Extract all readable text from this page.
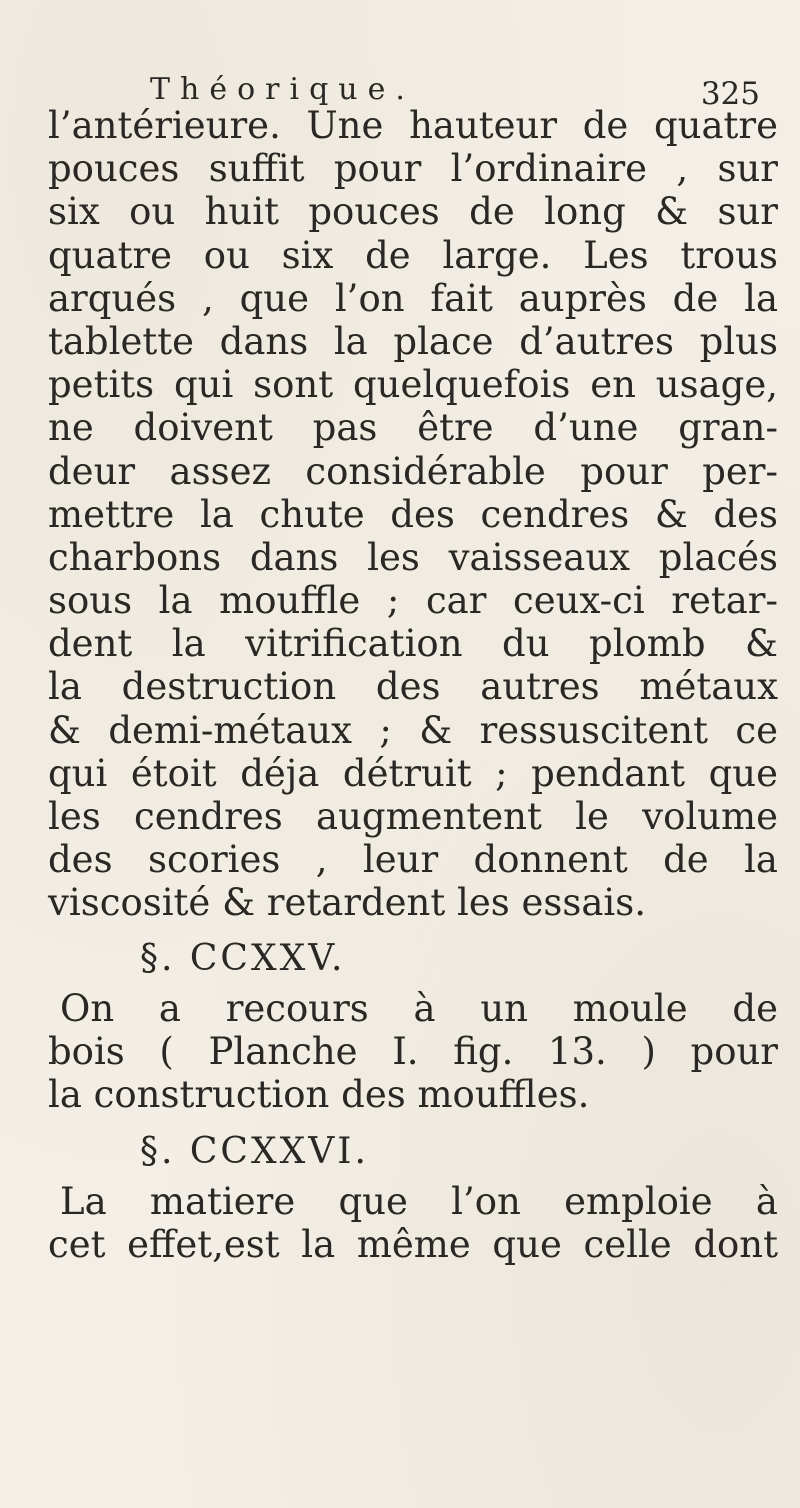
Théorique.	325
l’antérieure. Une hauteur de quatre
pouces suffit pour l’ordinaire , sur
six ou huit pouces de long & sur
quatre ou six de large. Les trous
arqués , que l’on fait auprès de la
tablette dans la place d’autres plus
petits qui sont quelquefois en usage,
ne doivent pas être d’une gran-
deur assez considérable pour per-
mettre la chute des cendres & des
charbons dans les vaisseaux placés
sous la mouffle ; car ceux-ci retar-
dent la vitrification du plomb &
la destruction des autres métaux
& demi-métaux ; & ressuscitent ce
qui étoit déja détruit ; pendant que
les cendres augmentent le volume
des scories , leur donnent de la
viscosité & retardent les essais.
§. CCXXV.
On a recours à un moule de
bois ( Planche I. fig. 13. ) pour
la construction des mouffles.
§. CCXXVI.
La matiere que l’on emploie à
cet effet,est la même que celle dont
